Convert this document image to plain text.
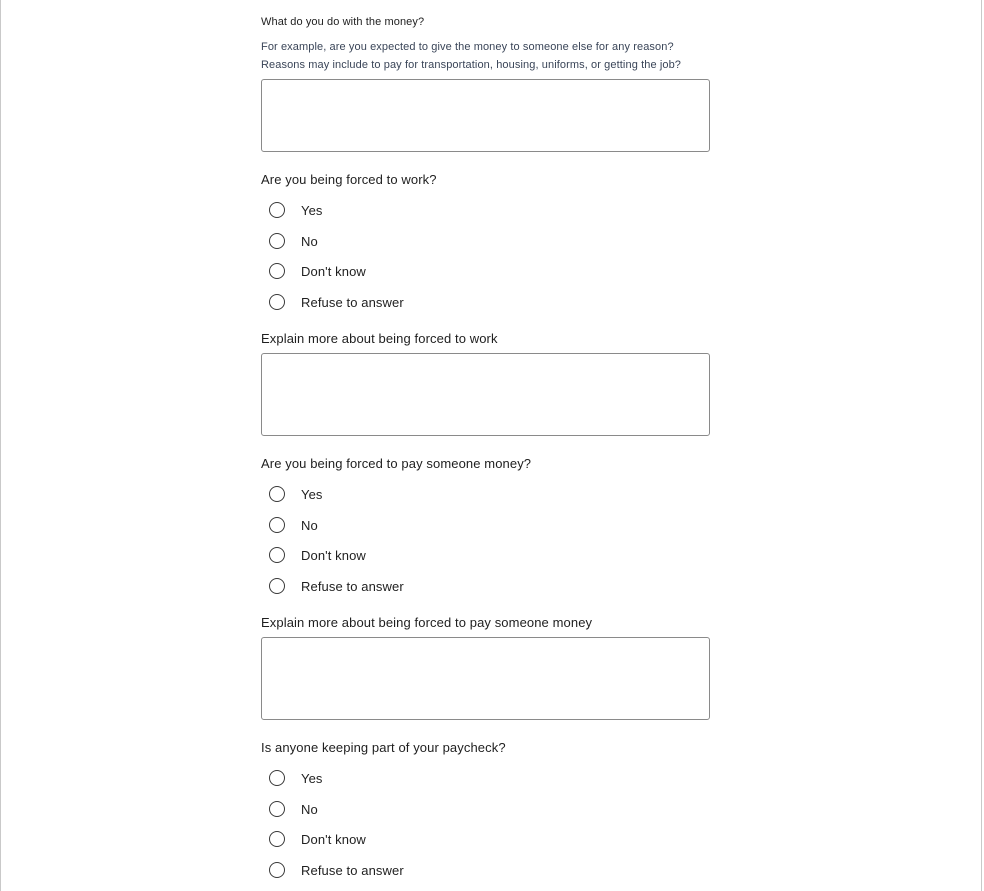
What do you do with the money?
For example, are you expected to give the money to someone else for any reason?
Reasons may include to pay for transportation, housing, uniforms, or getting the job?
Are you being forced to work?
Yes
No
Don't know
Refuse to answer
Explain more about being forced to work
Are you being forced to pay someone money?
Yes
No
Don't know
Refuse to answer
Explain more about being forced to pay someone money
Is anyone keeping part of your paycheck?
Yes
No
Don't know
Refuse to answer
